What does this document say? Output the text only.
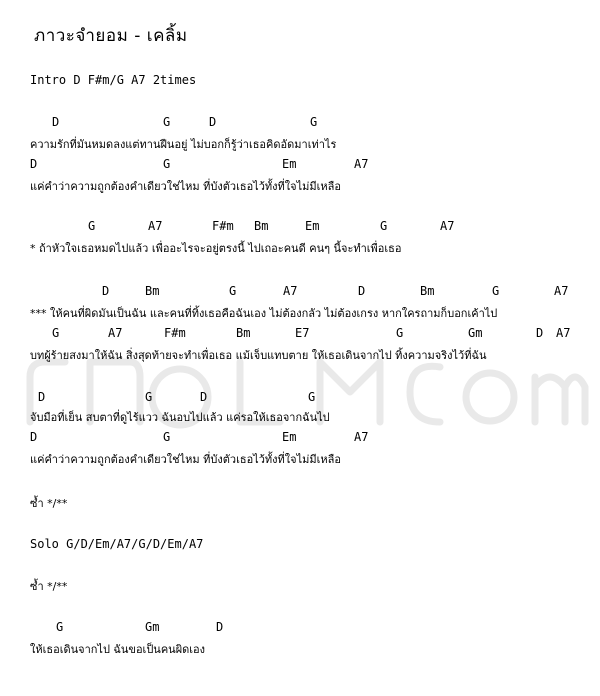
ภาวะจำยอม - เคลิ้ม
Intro D F#m/G A7 2times
D	G	D	G
ความรักที่มันหมดลงแต่ทานฝืนอยู่ ไม่บอกก็รู้ว่าเธอคิดอัดมาเท่าไร
D	G	Em	A7
แค่คำว่าความถูกต้องคำเดียวใช่ไหม ที่บังตัวเธอไว้ทั้งที่ใจไม่มีเหลือ
G	A7	F#m Bm	Em	G	A7
* ถ้าหัวใจเธอหมดไปแล้ว เพื่ออะไรจะอยู่ตรงนี้ ไปเถอะคนดี คนๆ นี้จะทำเพื่อเธอ
D	Bm	G	A7	D	Bm	G	A7
*** ให้คนที่ผิดมันเป็นฉัน และคนที่ทิ้งเธอคือฉันเอง ไม่ต้องกลัว ไม่ต้องเกรง หากใครถามก็บอกเค้าไป
G	A7	F#m	Bm	E7	G	Gm	D A7
บทผู้ร้ายสงมาให้ฉัน สิ่งสุดท้ายจะทำเพื่อเธอ แม้เจ็บแทบตาย ให้เธอเดินจากไป ทิ้งความจริงไว้ที่ฉัน
D	G	D	G
จับมือที่เย็น สบตาที่ดูไร้แวว ฉันอบไปแล้ว แค่รอให้เธอจากฉันไป
D	G	Em	A7
แค่คำว่าความถูกต้องคำเดียวใช่ไหม ที่บังตัวเธอไว้ทั้งที่ใจไม่มีเหลือ
ซ้ำ */**
Solo G/D/Em/A7/G/D/Em/A7
ซ้ำ */**
G	Gm	D
ให้เธอเดินจากไป ฉันขอเป็นคนผิดเอง
